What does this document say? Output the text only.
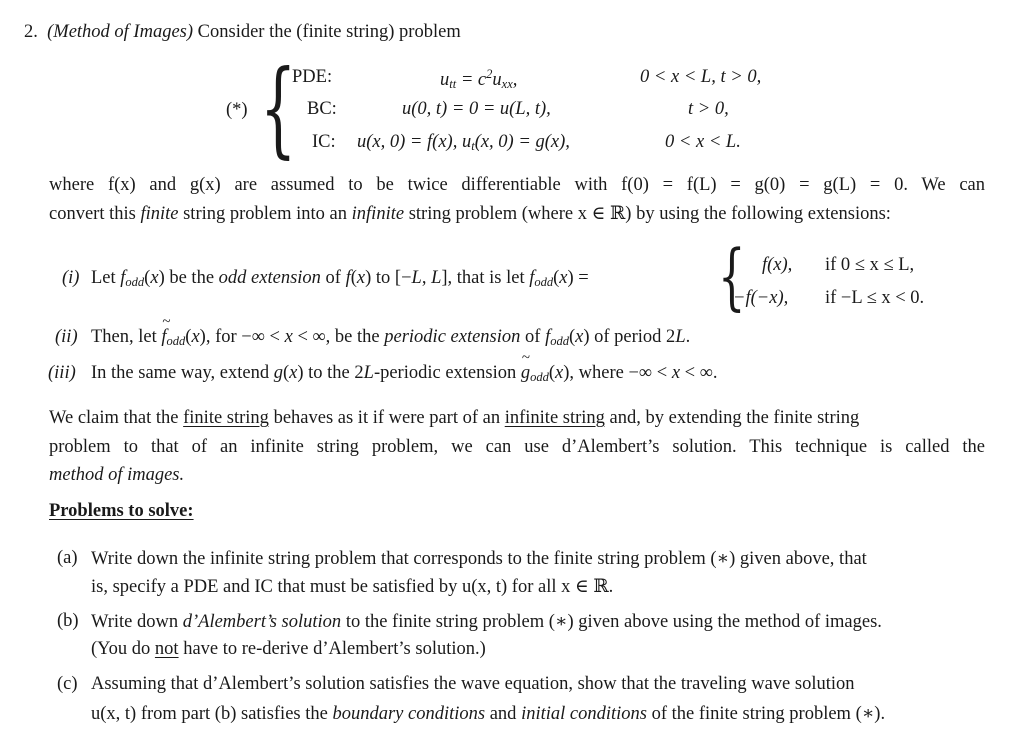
2. (Method of Images) Consider the (finite string) problem
(*) {
PDE:	$u_{tt} = c^2u_{xx}$,	0 < x < L, t > 0,
BC:	u(0, t) = 0 = u(L, t),	t > 0,
IC: u(x, 0) = f(x), $u_t(x$, 0) = g(x),	0 < x < L.
where f(x) and g(x) are assumed to be twice differentiable with f(0) = f(L) = g(0) = g(L) = 0. We can
convert this finite string problem into an infinite string problem (where x ∈ ℝ) by using the following extensions:
(i) Let $f_{odd}(x)$ be the odd extension of f(x) to [−L, L], that is let $f_{odd}(x)$ = { f(x), if 0 ≤ x ≤ L,
−f(−x), if −L ≤ x < 0.
(ii) Then, let ~ $f_{odd}(x)$, for −∞ < x < ∞, be the periodic extension of $f_{odd}(x)$ of period 2L.
(iii) In the same way, extend g(x) to the 2L-periodic extension ~ $g_{odd}(x)$, where −∞ < x < ∞.
We claim that the finite string behaves as it if were part of an infinite string and, by extending the finite string
problem to that of an infinite string problem, we can use d’Alembert’s solution. This technique is called the
method of images.
Problems to solve:
(a) Write down the infinite string problem that corresponds to the finite string problem (∗) given above, that
is, specify a PDE and IC that must be satisfied by u(x, t) for all x ∈ ℝ.
(b) Write down d’Alembert’s solution to the finite string problem (∗) given above using the method of images.
(You do not have to re-derive d’Alembert’s solution.)
(c) Assuming that d’Alembert’s solution satisfies the wave equation, show that the traveling wave solution
u(x, t) from part (b) satisfies the boundary conditions and initial conditions of the finite string problem (∗).
